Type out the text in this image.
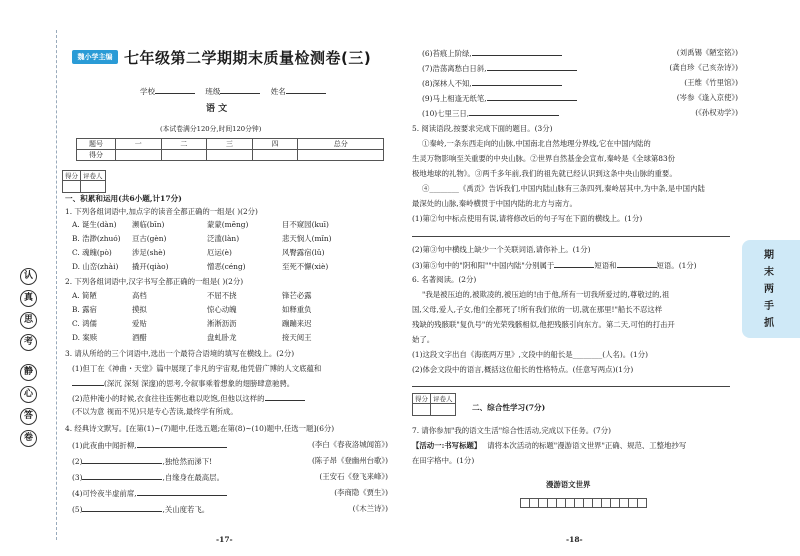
认
真
思
考
静
心
答
卷
魏小学主编 七年级第二学期期末质量检测卷(三)
学校	班级	姓名
语 文
(本试卷满分120分,时间120分钟)
题号	一	二	三	四	总分
得分					
得分	评卷人

一、积累和运用(共6小题,计17分)
1. 下列各组词语中,加点字的读音全都正确的一组是( )(2分)
A. 诞生(dàn) 濒临(bīn)	蒙蒙(mēng)	目不窥园(kuī)
B. 浩渺(zhuó) 亘古(gèn)	泛滥(làn)	悲天悯人(mǐn)
C. 魂魄(pò)	涉足(shè)	厄运(è)	风臀露宿(lǔ)
D. 山峦(zhài) 撬开(qiào)	憎恶(céng)	至死不懈(xiè)
2. 下列各组词语中,汉字书写全都正确的一组是( )(2分)
A. 简陋	高档	不屈不挠	锋芒必露
B. 露宿	摸拟	惊心动魄	如释重负
C. 鸿儒	爱贴	淅淅沥沥	蹦蹦来迟
D. 案赎	酒醋	盘虬卧龙	接天阅王
3. 请从所给的三个词语中,选出一个最符合语境的填写在横线上。(2分)
(1)但丁在《神曲・天堂》篇中展现了非凡的宇宙观,他凭借广博的人文底蕴和
(深沉 深刻 深邃)的思考,令叙事乘着想象的翅膀肆意驰骋。
(2)范仲淹小的时候,衣食往往连粥也难以吃饱,但他以这样的
(不以为意 视而不见)只是专心苦读,最终学有所成。
4. 经典诗文默写。[在第(1)~(7)题中,任选五题;在第(8)~(10)题中,任选一题](6分)
(1)此夜曲中闻折柳,	(李白《春夜洛城闻笛》)
(2)	,独怆然而涕下!	(陈子昂《登幽州台歌》)
(3)	,自缘身在最高层。	(王安石《登飞来峰》)
(4)可怜夜半虚前席,	(李商隐《贾生》)
(5)	,关山度若飞。	(《木兰诗》)
-17-
(6)苔痕上阶绿,	(刘禹锡《陋室铭》)
(7)浩荡离愁白日斜,	(龚自珍《己亥杂诗》)
(8)深林人不知,	(王维《竹里馆》)
(9)马上相逢无纸笔,	(岑参《逢入京使》)
(10)七里三日,	(《孙权劝学》)
5. 阅读语段,按要求完成下面的题目。(3分)
①秦岭,一条东西走向的山脉,中国南北自然地理分界线,它在中国内陆的
生灵万物影响至关重要的中央山脉。②世界自然基金会宣布,秦岭是《全球第83份
极地地球的礼物》。③两千多年前,我们的祖先就已经认识到这条中央山脉的重要。
④________《禹贡》告诉我们,中国内陆山脉有三条四列,秦岭居其中,为中条,是中国内陆
最深处的山脉,秦岭横贯于中国内陆的北方与南方。
(1)第②句中标点使用有误,请将修改后的句子写在下面的横线上。(1分)
(2)第③句中横线上缺少一个关联词语,请你补上。(1分)
(3)第⑤句中的"阴和阳""中国内陆"分别属于	短语和	短语。(1分)
6. 名著阅读。(2分)
"我是被压迫的,被欺凌的,被压迫的!由于他,所有一切我所爱过的,尊敬过的,祖
国,父母,爱人,子女,他们全都死了!所有我们依的一切,就在那里!"船长不忍这样
残缺的残骸联"复仇号"的光荣残骸相似,他把残骸引向东方。第二天,可怕的打击开
始了。
(1)这段文字出自《海底两万里》,文段中的船长是________(人名)。(1分)
(2)体会文段中的语言,概括这位船长的性格特点。(任意写两点)(1分)
得分	评卷人

二、综合性学习(7分)
7. 请你参加"我的语文生活"综合性活动,完成以下任务。(7分)
【活动一:书写标题】 请将本次活动的标题"漫游语文世界"正确、规范、工整地抄写
在田字格中。(1分)
漫游语文世界
-18-
期
末
两
手
抓
